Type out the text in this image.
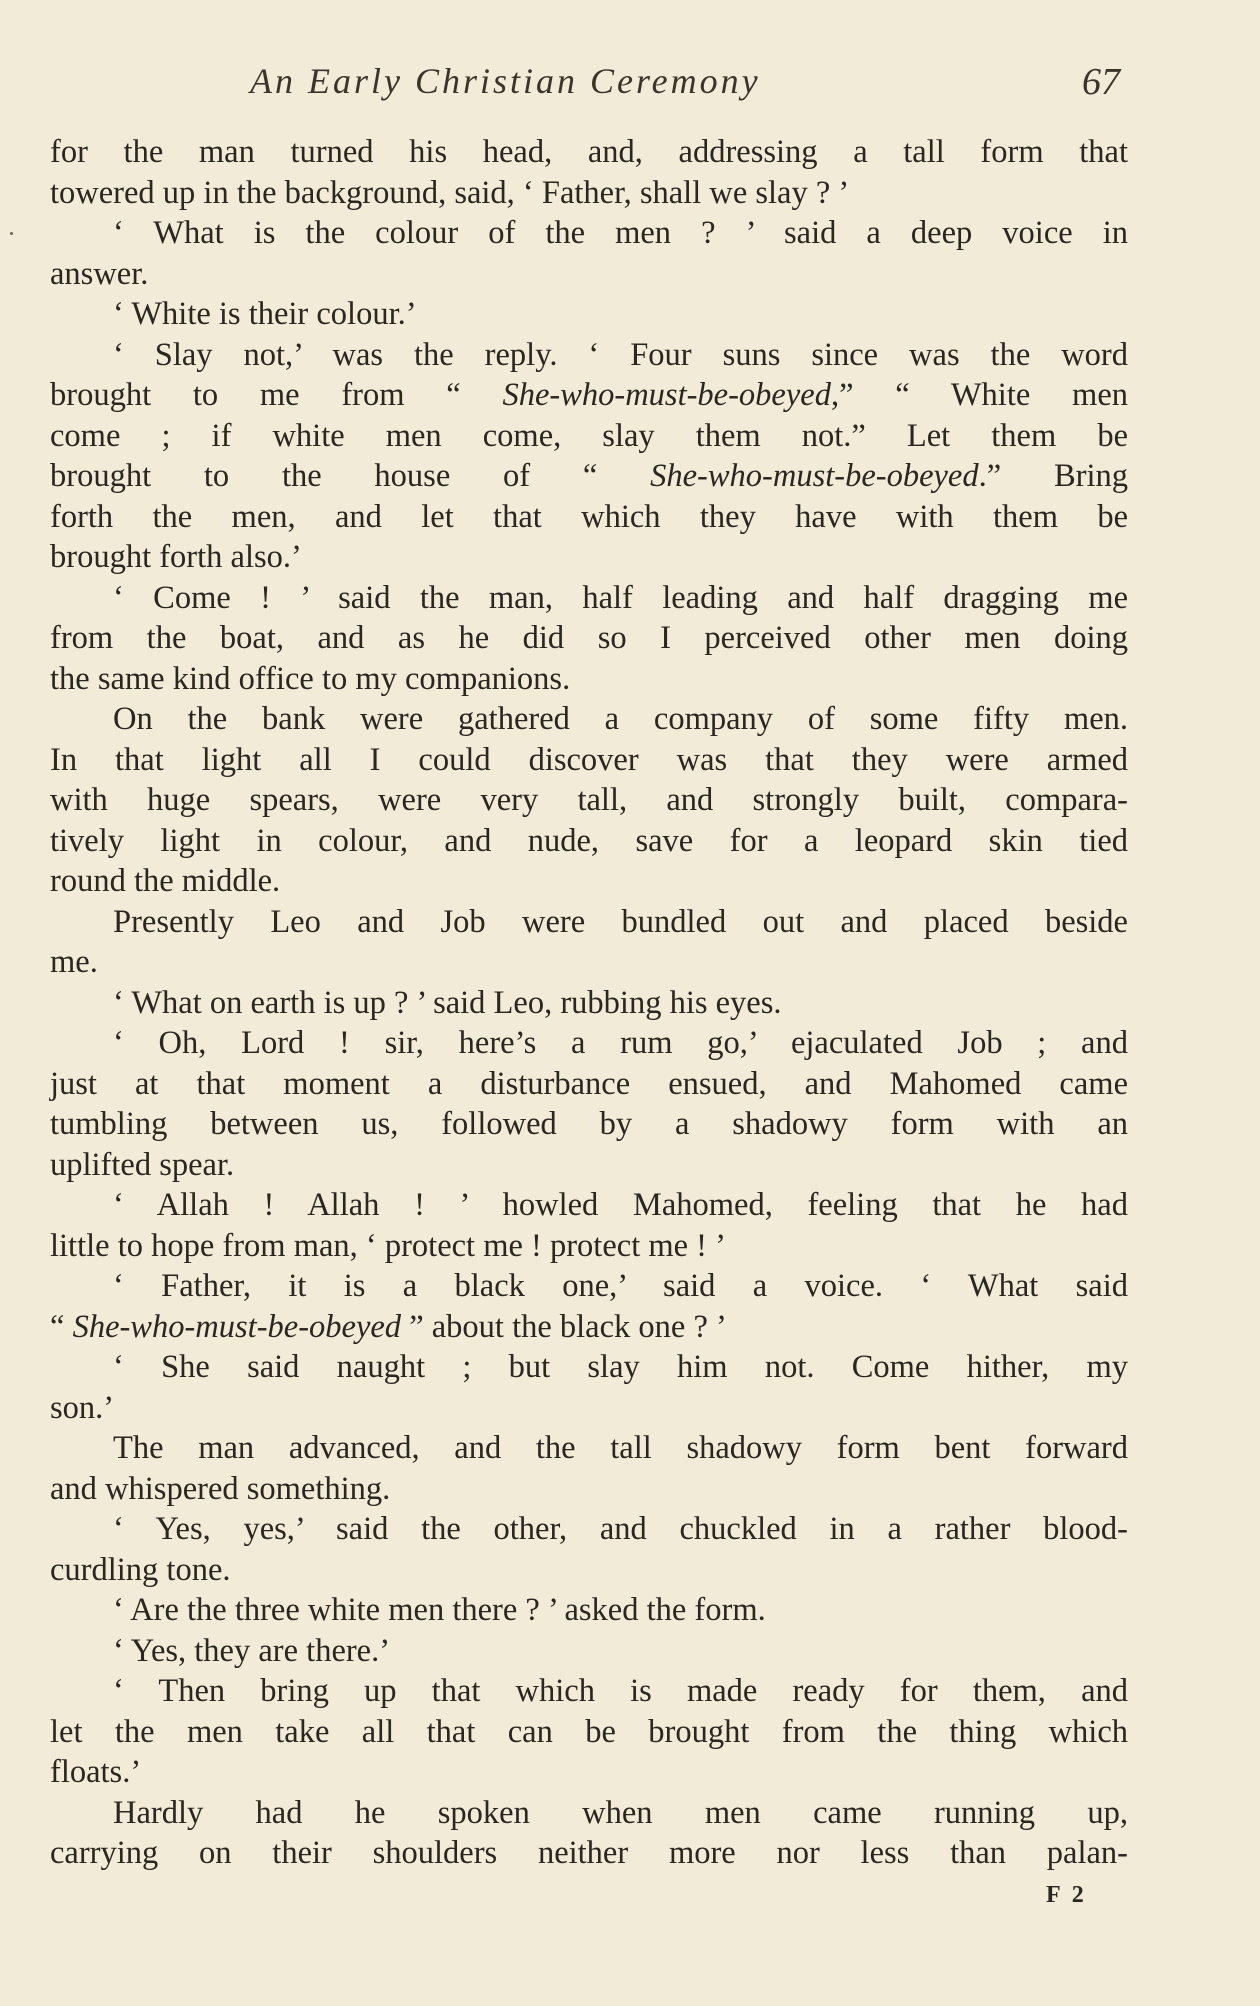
An Early Christian Ceremony	67
for the man turned his head, and, addressing a tall form that
towered up in the background, said, ‘ Father, shall we slay ? ’
‘ What is the colour of the men ? ’ said a deep voice in
answer.
‘ White is their colour.’
‘ Slay not,’ was the reply. ‘ Four suns since was the word
brought to me from “ She-who-must-be-obeyed,” “ White men
come ; if white men come, slay them not.” Let them be
brought to the house of “ She-who-must-be-obeyed.” Bring
forth the men, and let that which they have with them be
brought forth also.’
‘ Come ! ’ said the man, half leading and half dragging me
from the boat, and as he did so I perceived other men doing
the same kind office to my companions.
On the bank were gathered a company of some fifty men.
In that light all I could discover was that they were armed
with huge spears, were very tall, and strongly built, compara-
tively light in colour, and nude, save for a leopard skin tied
round the middle.
Presently Leo and Job were bundled out and placed beside
me.
‘ What on earth is up ? ’ said Leo, rubbing his eyes.
‘ Oh, Lord ! sir, here’s a rum go,’ ejaculated Job ; and
just at that moment a disturbance ensued, and Mahomed came
tumbling between us, followed by a shadowy form with an
uplifted spear.
‘ Allah ! Allah ! ’ howled Mahomed, feeling that he had
little to hope from man, ‘ protect me ! protect me ! ’
‘ Father, it is a black one,’ said a voice. ‘ What said
“ She-who-must-be-obeyed ” about the black one ? ’
‘ She said naught ; but slay him not. Come hither, my
son.’
The man advanced, and the tall shadowy form bent forward
and whispered something.
‘ Yes, yes,’ said the other, and chuckled in a rather blood-
curdling tone.
‘ Are the three white men there ? ’ asked the form.
‘ Yes, they are there.’
‘ Then bring up that which is made ready for them, and
let the men take all that can be brought from the thing which
floats.’
Hardly had he spoken when men came running up,
carrying on their shoulders neither more nor less than palan-
F 2
